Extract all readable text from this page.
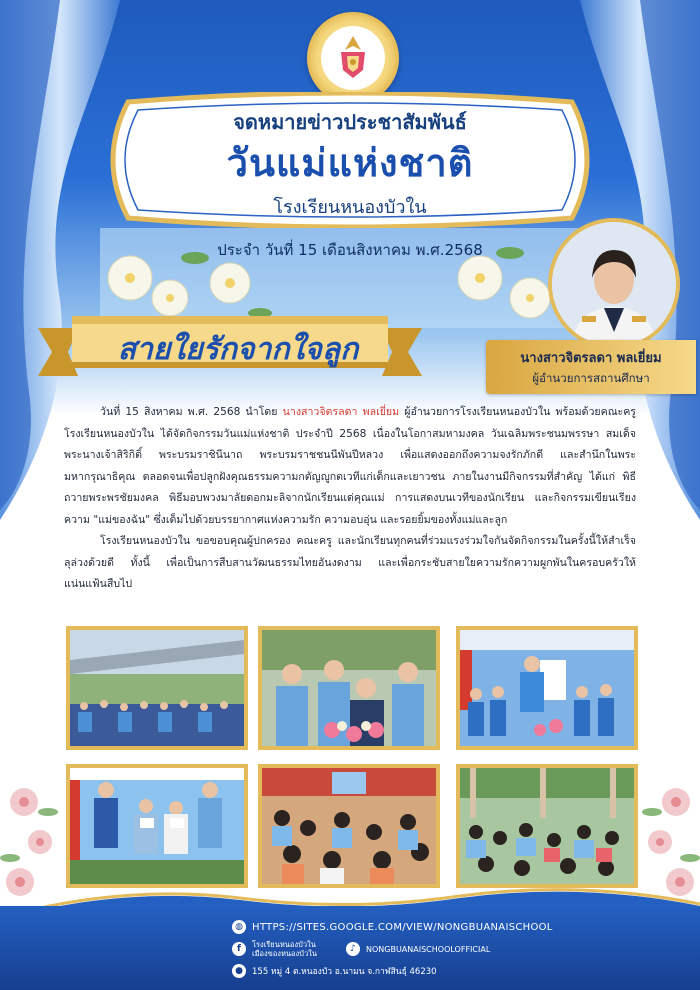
จดหมายข่าวประชาสัมพันธ์
วันแม่แห่งชาติ
โรงเรียนหนองบัวใน
ประจำ วันที่ 15 เดือนสิงหาคม พ.ศ.2568
สายใยรักจากใจลูก	นางสาวจิตรลดา พลเยี่ยม
ผู้อำนวยการสถานศึกษา

วันที่ 15 สิงหาคม พ.ศ. 2568 นำโดย นางสาวจิตรลดา พลเยี่ยม ผู้อำนวยการโรงเรียนหนองบัวใน พร้อมด้วยคณะครูโรงเรียนหนองบัวใน ได้จัดกิจกรรมวันแม่แห่งชาติ ประจำปี 2568 เนื่องในโอกาสมหามงคล วันเฉลิมพระชนมพรรษา สมเด็จพระนางเจ้าสิริกิติ์ พระบรมราชินีนาถ พระบรมราชชนนีพันปีหลวง เพื่อแสดงออกถึงความจงรักภักดี และสำนึกในพระมหากรุณาธิคุณ ตลอดจนเพื่อปลูกฝังคุณธรรมความกตัญญูกตเวทีแก่เด็กและเยาวชน ภายในงานมีกิจกรรมที่สำคัญ ได้แก่ พิธีถวายพระพรชัยมงคล พิธีมอบพวงมาลัยดอกมะลิจากนักเรียนแด่คุณแม่ การแสดงบนเวทีของนักเรียน และกิจกรรมเขียนเรียงความ "แม่ของฉัน" ซึ่งเต็มไปด้วยบรรยากาศแห่งความรัก ความอบอุ่น และรอยยิ้มของทั้งแม่และลูก

โรงเรียนหนองบัวใน ขอขอบคุณผู้ปกครอง คณะครู และนักเรียนทุกคนที่ร่วมแรงร่วมใจกันจัดกิจกรรมในครั้งนี้ให้สำเร็จลุล่วงด้วยดี ทั้งนี้ เพื่อเป็นการสืบสานวัฒนธรรมไทยอันงดงาม และเพื่อกระชับสายใยความรักความผูกพันในครอบครัวให้แน่นแฟ้นสืบไป

◍ HTTPS://SITES.GOOGLE.COM/VIEW/NONGBUANAISCHOOL
f	โรงเรียนหนองบัวใน
เมืองของหนองบัวใน	♪	NONGBUANAISCHOOLOFFICIAL
●	155 หมู่ 4 ต.หนองบัว อ.นามน จ.กาฬสินธุ์ 46230
